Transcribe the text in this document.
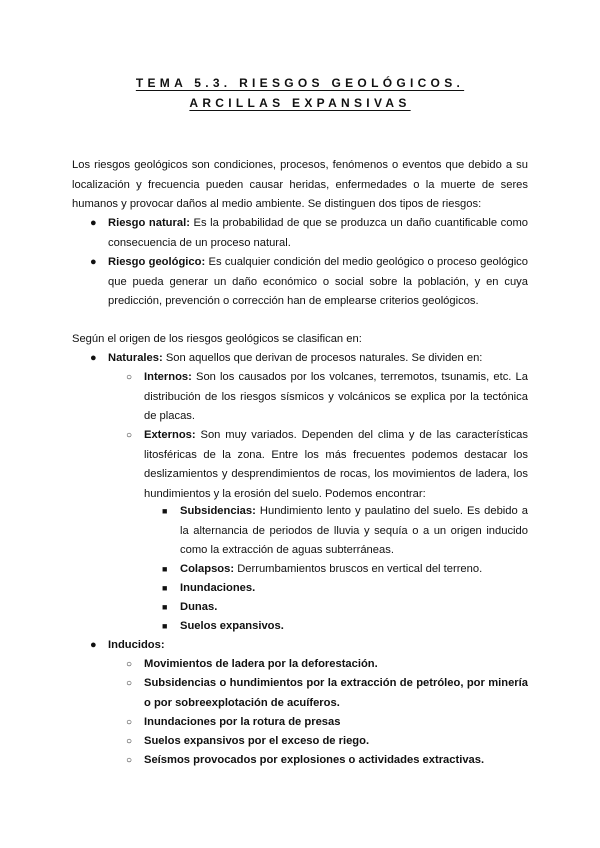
TEMA 5.3. RIESGOS GEOLÓGICOS.
ARCILLAS EXPANSIVAS
Los riesgos geológicos son condiciones, procesos, fenómenos o eventos que debido a su localización y frecuencia pueden causar heridas, enfermedades o la muerte de seres humanos y provocar daños al medio ambiente. Se distinguen dos tipos de riesgos:
● Riesgo natural: Es la probabilidad de que se produzca un daño cuantificable como consecuencia de un proceso natural.
● Riesgo geológico: Es cualquier condición del medio geológico o proceso geológico que pueda generar un daño económico o social sobre la población, y en cuya predicción, prevención o corrección han de emplearse criterios geológicos.
Según el origen de los riesgos geológicos se clasifican en:
● Naturales: Son aquellos que derivan de procesos naturales. Se dividen en:
○ Internos: Son los causados por los volcanes, terremotos, tsunamis, etc. La distribución de los riesgos sísmicos y volcánicos se explica por la tectónica de placas.
○ Externos: Son muy variados. Dependen del clima y de las características litosféricas de la zona. Entre los más frecuentes podemos destacar los deslizamientos y desprendimientos de rocas, los movimientos de ladera, los hundimientos y la erosión del suelo. Podemos encontrar:
■ Subsidencias: Hundimiento lento y paulatino del suelo. Es debido a la alternancia de periodos de lluvia y sequía o a un origen inducido como la extracción de aguas subterráneas.
■ Colapsos: Derrumbamientos bruscos en vertical del terreno.
■ Inundaciones.
■ Dunas.
■ Suelos expansivos.
● Inducidos:
○ Movimientos de ladera por la deforestación.
○ Subsidencias o hundimientos por la extracción de petróleo, por minería o por sobreexplotación de acuíferos.
○ Inundaciones por la rotura de presas
○ Suelos expansivos por el exceso de riego.
○ Seísmos provocados por explosiones o actividades extractivas.
